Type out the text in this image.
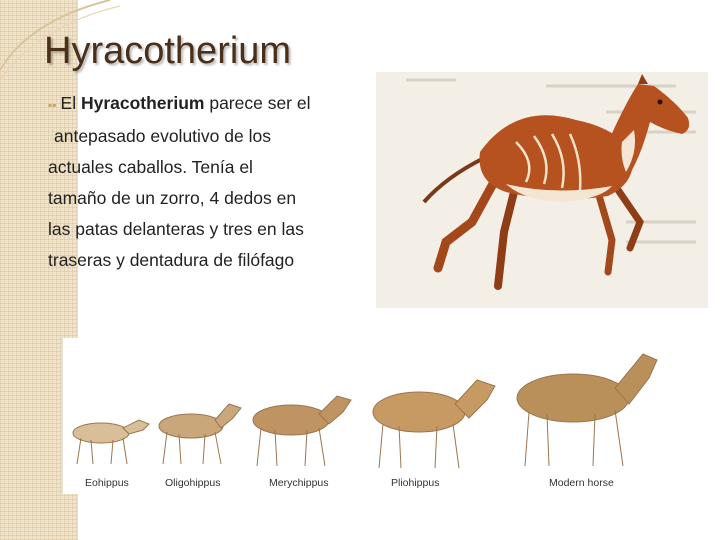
Hyracotherium
▪▪ El Hyracotherium parece ser el
antepasado evolutivo de los
actuales caballos. Tenía el
tamaño de un zorro, 4 dedos en
las patas delanteras y tres en las
traseras y dentadura de filófago
Eohippus	Oligohippus	Merychippus	Pliohippus	Modern horse
